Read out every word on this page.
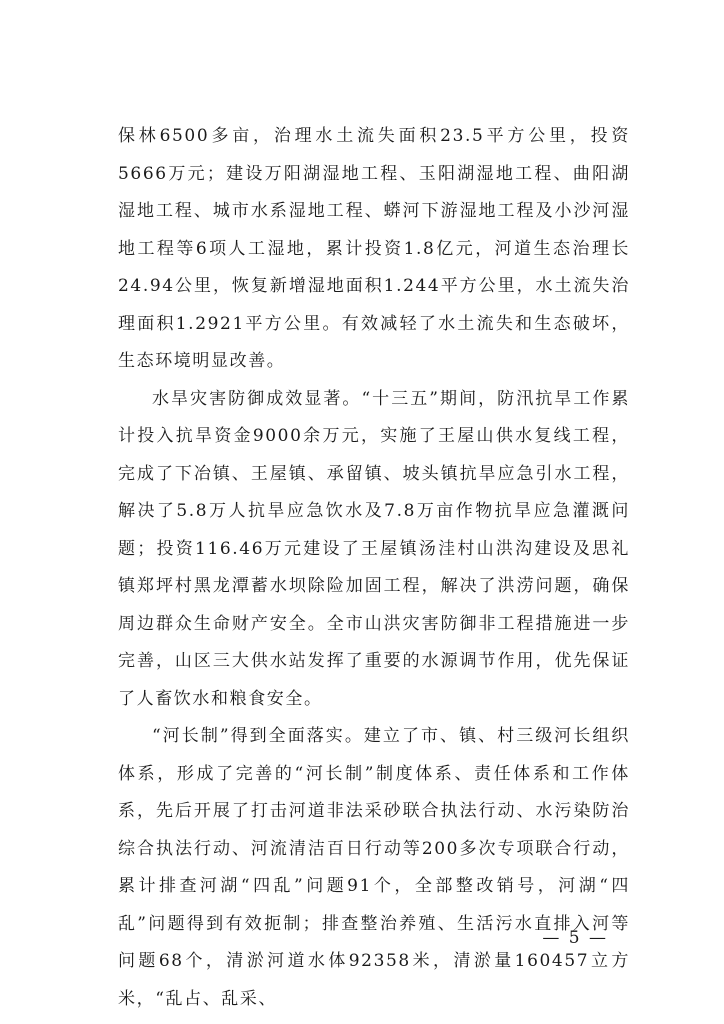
保林6500多亩，治理水土流失面积23.5平方公里，投资5666万元；建设万阳湖湿地工程、玉阳湖湿地工程、曲阳湖湿地工程、城市水系湿地工程、蟒河下游湿地工程及小沙河湿地工程等6项人工湿地，累计投资1.8亿元，河道生态治理长24.94公里，恢复新增湿地面积1.244平方公里，水土流失治理面积1.2921平方公里。有效减轻了水土流失和生态破坏，生态环境明显改善。

水旱灾害防御成效显著。“十三五”期间，防汛抗旱工作累计投入抗旱资金9000余万元，实施了王屋山供水复线工程，完成了下冶镇、王屋镇、承留镇、坡头镇抗旱应急引水工程，解决了5.8万人抗旱应急饮水及7.8万亩作物抗旱应急灌溉问题；投资116.46万元建设了王屋镇汤洼村山洪沟建设及思礼镇郑坪村黑龙潭蓄水坝除险加固工程，解决了洪涝问题，确保周边群众生命财产安全。全市山洪灾害防御非工程措施进一步完善，山区三大供水站发挥了重要的水源调节作用，优先保证了人畜饮水和粮食安全。

“河长制”得到全面落实。建立了市、镇、村三级河长组织体系，形成了完善的“河长制”制度体系、责任体系和工作体系，先后开展了打击河道非法采砂联合执法行动、水污染防治综合执法行动、河流清洁百日行动等200多次专项联合行动，累计排查河湖“四乱”问题91个，全部整改销号，河湖“四乱”问题得到有效扼制；排查整治养殖、生活污水直排入河等问题68个，清淤河道水体92358米，清淤量160457立方米，“乱占、乱采、

— 5 —
